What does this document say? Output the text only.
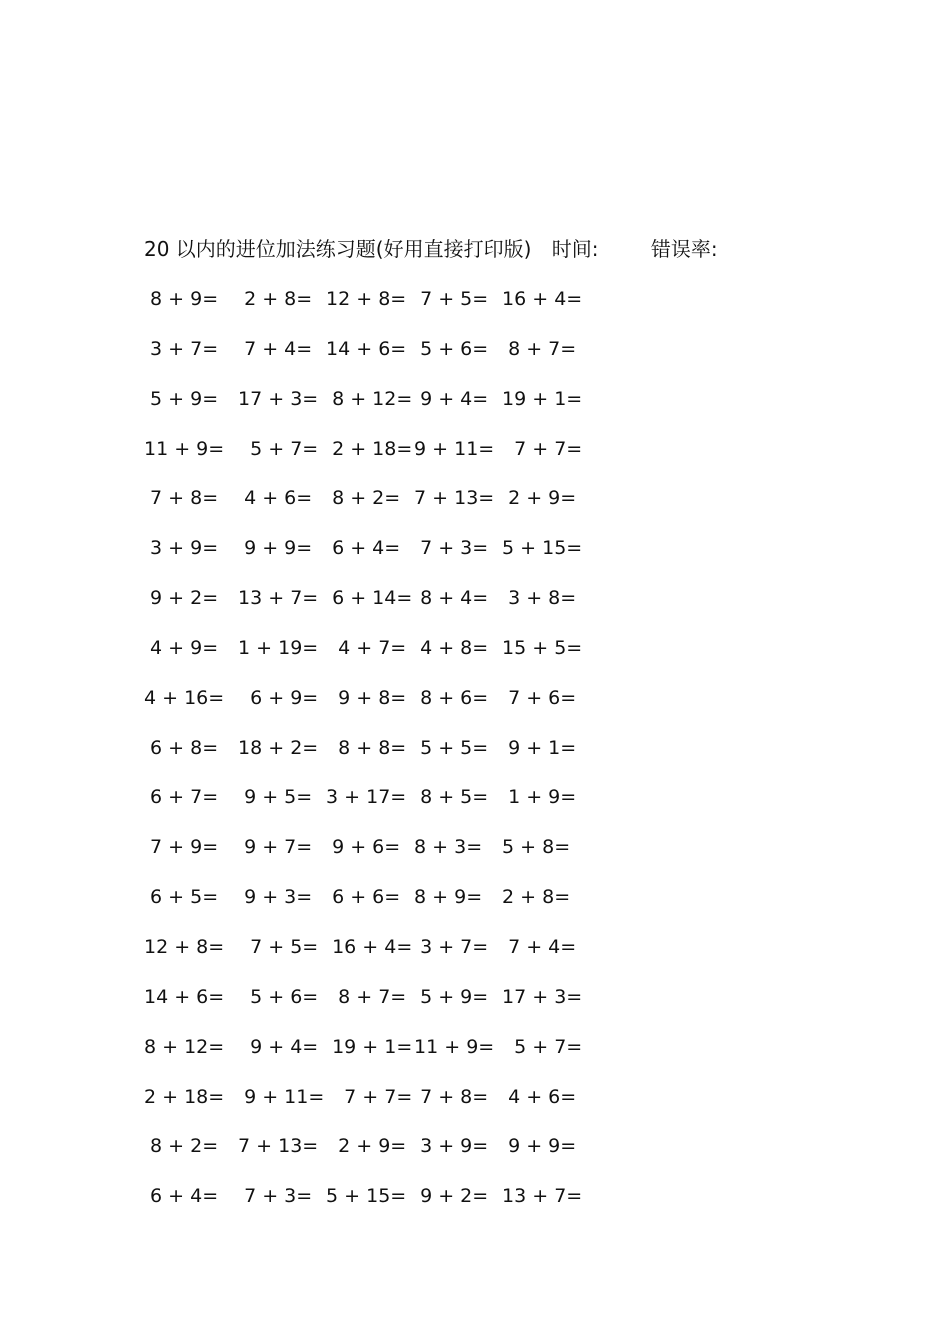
20 以内的进位加法练习题(好用直接打印版) 时间:	错误率:
8 + 9= 2 + 8= 12 + 8= 7 + 5= 16 + 4=
3 + 7= 7 + 4= 14 + 6= 5 + 6= 8 + 7=
5 + 9= 17 + 3= 8 + 12=
9 + 4= 19 + 1=
11 + 9= 5 + 7= 2 + 18=
9 + 11= 7 + 7=
7 + 8= 4 + 6= 8 + 2= 7 + 13= 2 + 9=
3 + 9= 9 + 9= 6 + 4= 7 + 3= 5 + 15=
9 + 2= 13 + 7= 6 + 14=
8 + 4= 3 + 8=
4 + 9= 1 + 19= 4 + 7= 4 + 8= 15 + 5=
4 + 16= 6 + 9= 9 + 8= 8 + 6= 7 + 6=
6 + 8= 18 + 2= 8 + 8= 5 + 5= 9 + 1=
6 + 7= 9 + 5= 3 + 17= 8 + 5= 1 + 9=
7 + 9= 9 + 7= 9 + 6= 8 + 3= 5 + 8=
6 + 5= 9 + 3= 6 + 6= 8 + 9= 2 + 8=
12 + 8= 7 + 5= 16 + 4=
3 + 7= 7 + 4=
14 + 6= 5 + 6= 8 + 7= 5 + 9= 17 + 3=
8 + 12= 9 + 4= 19 + 1=
11 + 9= 5 + 7=
2 + 18= 9 + 11=
7 + 7=
7 + 8= 4 + 6=
8 + 2= 7 + 13= 2 + 9= 3 + 9= 9 + 9=
6 + 4= 7 + 3= 5 + 15= 9 + 2= 13 + 7=
